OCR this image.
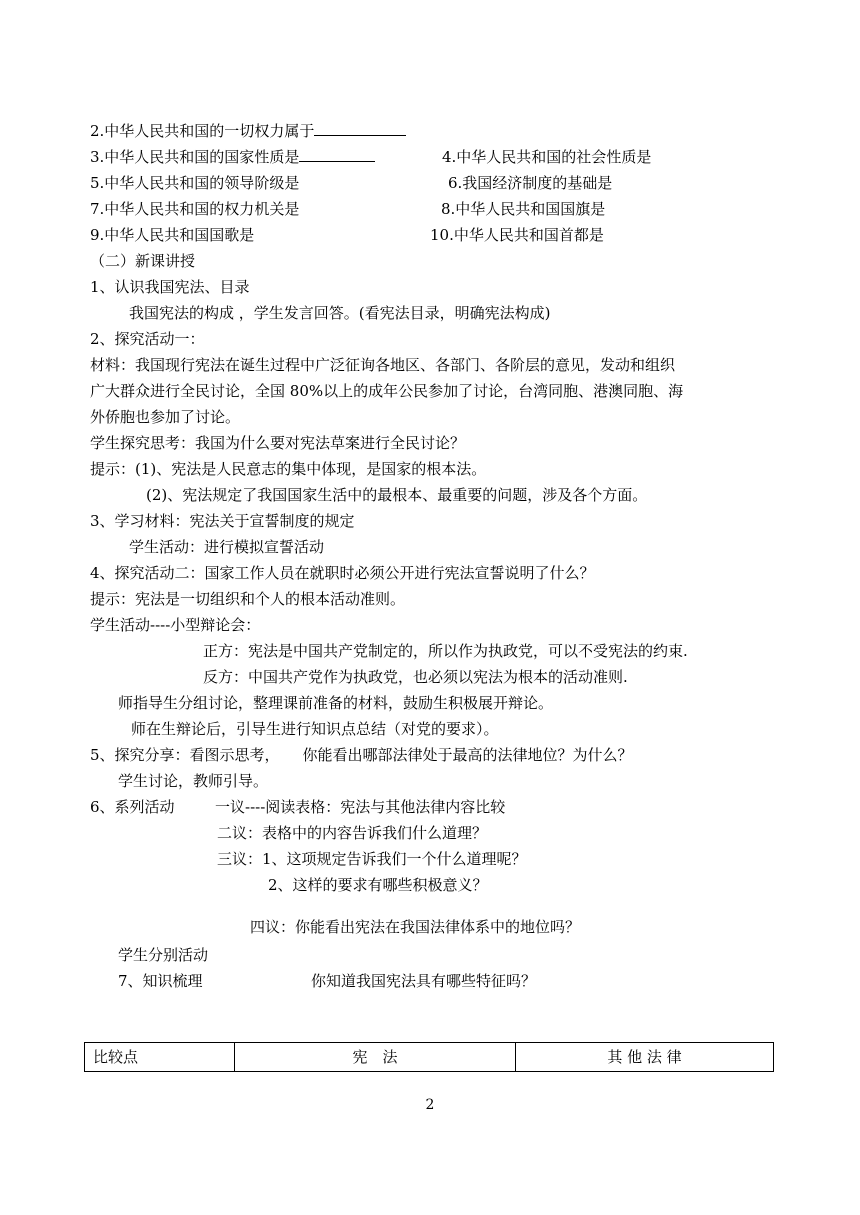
2.中华人民共和国的一切权力属于
3.中华人民共和国的国家性质是	4.中华人民共和国的社会性质是
5.中华人民共和国的领导阶级是	6.我国经济制度的基础是
7.中华人民共和国的权力机关是	8.中华人民共和国国旗是
9.中华人民共和国国歌是	10.中华人民共和国首都是
（二）新课讲授
1、认识我国宪法、目录
我国宪法的构成 ，学生发言回答。(看宪法目录，明确宪法构成)
2、探究活动一：
材料：我国现行宪法在诞生过程中广泛征询各地区、各部门、各阶层的意见，发动和组织
广大群众进行全民讨论，全国 80%以上的成年公民参加了讨论，台湾同胞、港澳同胞、海
外侨胞也参加了讨论。
学生探究思考：我国为什么要对宪法草案进行全民讨论？
提示：(1)、宪法是人民意志的集中体现，是国家的根本法。
(2)、宪法规定了我国国家生活中的最根本、最重要的问题，涉及各个方面。
3、学习材料：宪法关于宣誓制度的规定
学生活动：进行模拟宣誓活动
4、探究活动二：国家工作人员在就职时必须公开进行宪法宣誓说明了什么？
提示：宪法是一切组织和个人的根本活动准则。
学生活动----小型辩论会：
正方：宪法是中国共产党制定的，所以作为执政党，可以不受宪法的约束.
反方：中国共产党作为执政党，也必须以宪法为根本的活动准则.
师指导生分组讨论，整理课前准备的材料，鼓励生积极展开辩论。
师在生辩论后，引导生进行知识点总结（对党的要求）。
5、探究分享：看图示思考， 你能看出哪部法律处于最高的法律地位？为什么？
学生讨论，教师引导。
6、系列活动	一议----阅读表格：宪法与其他法律内容比较
二议：表格中的内容告诉我们什么道理？
三议：1、这项规定告诉我们一个什么道理呢？
2、这样的要求有哪些积极意义？
四议：你能看出宪法在我国法律体系中的地位吗？
学生分别活动
7、知识梳理	你知道我国宪法具有哪些特征吗？
比较点	宪　法	其 他 法 律
2
